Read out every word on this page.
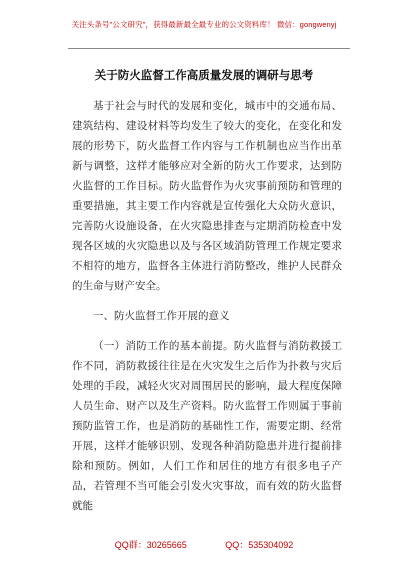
关注头条号"公文研究"，获得最新最全最专业的公文资料库！ 微信：gongwenyj
关于防火监督工作高质量发展的调研与思考

基于社会与时代的发展和变化，城市中的交通布局、建筑结构、建设材料等均发生了较大的变化，在变化和发展的形势下，防火监督工作内容与工作机制也应当作出革新与调整，这样才能够应对全新的防火工作要求，达到防火监督的工作目标。防火监督作为火灾事前预防和管理的重要措施，其主要工作内容就是宣传强化大众防火意识，完善防火设施设备，在火灾隐患排查与定期消防检查中发现各区域的火灾隐患以及与各区域消防管理工作规定要求不相符的地方，监督各主体进行消防整改，维护人民群众的生命与财产安全。

一、防火监督工作开展的意义

（一）消防工作的基本前提。防火监督与消防救援工作不同，消防救援往往是在火灾发生之后作为扑救与灾后处理的手段，减轻火灾对周围居民的影响，最大程度保障人员生命、财产以及生产资料。防火监督工作则属于事前预防监管工作，也是消防的基础性工作，需要定期、经常开展，这样才能够识别、发现各种消防隐患并进行提前排除和预防。例如，人们工作和居住的地方有很多电子产品，若管理不当可能会引发火灾事故，而有效的防火监督就能

QQ群：30265665	QQ：535304092
